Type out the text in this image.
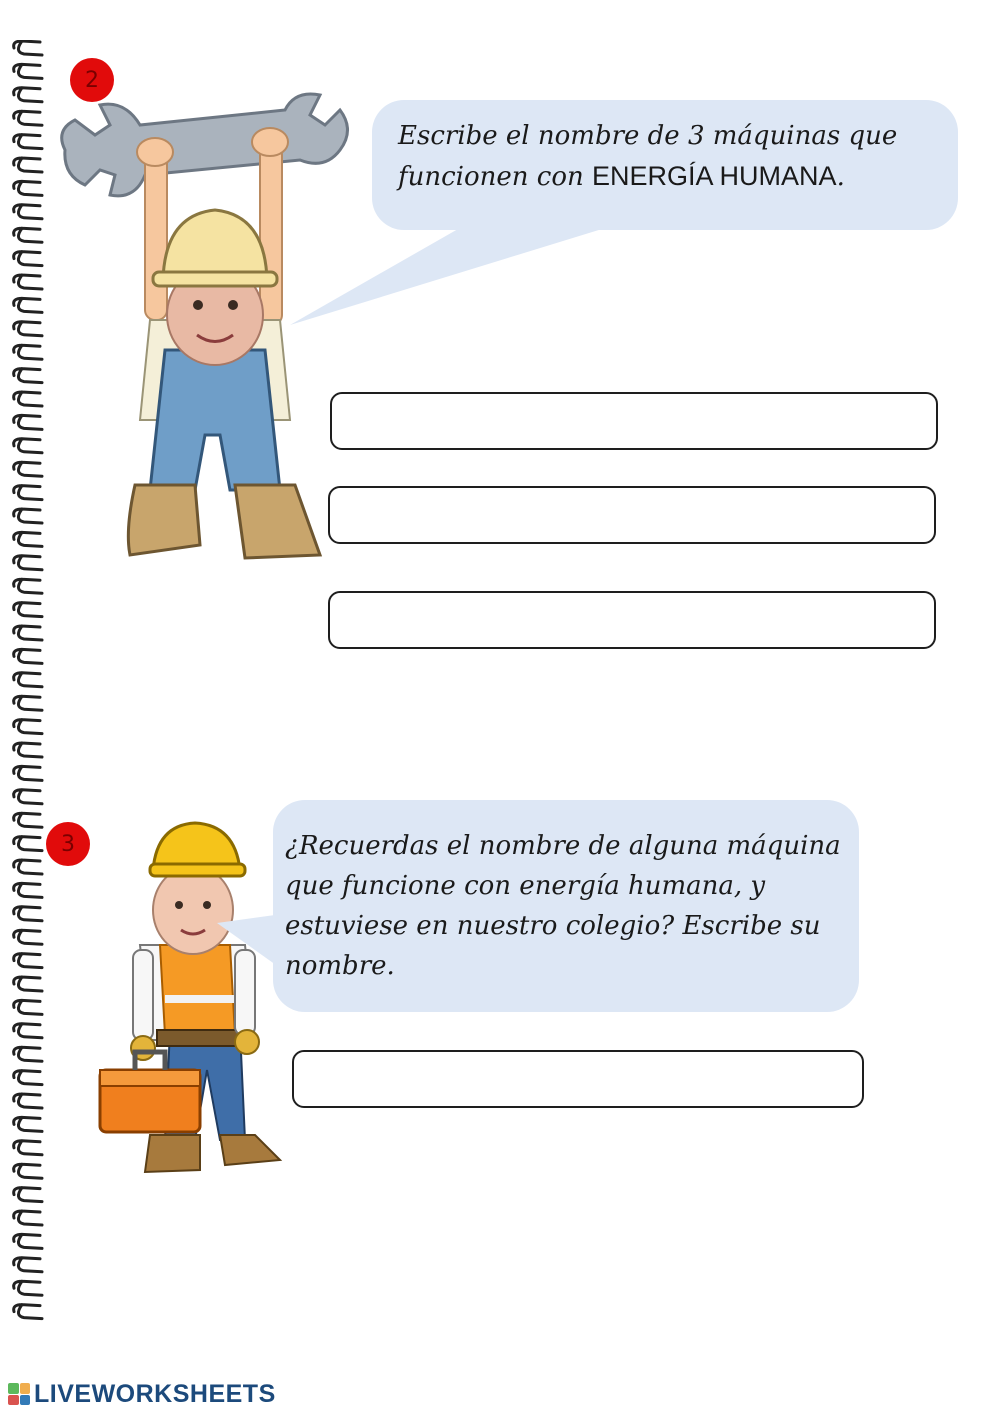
2

Escribe el nombre de 3 máquinas que funcionen con ENERGÍA HUMANA.

3	¿Recuerdas el nombre de alguna máquina que funcione con energía humana, y estuviese en nuestro colegio? Escribe su nombre.

LIVEWORKSHEETS
